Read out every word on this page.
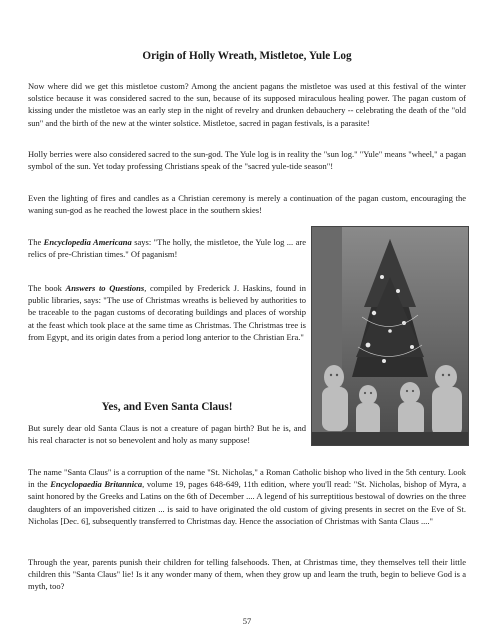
Origin of Holly Wreath, Mistletoe, Yule Log

Now where did we get this mistletoe custom? Among the ancient pagans the mistletoe was used at this festival of the winter solstice because it was considered sacred to the sun, because of its supposed miraculous healing power. The pagan custom of kissing under the mistletoe was an early step in the night of revelry and drunken debauchery -- celebrating the death of the "old sun" and the birth of the new at the winter solstice. Mistletoe, sacred in pagan festivals, is a parasite!

Holly berries were also considered sacred to the sun-god. The Yule log is in reality the "sun log." "Yule" means "wheel," a pagan symbol of the sun. Yet today professing Christians speak of the "sacred yule-tide season"!

Even the lighting of fires and candles as a Christian ceremony is merely a continuation of the pagan custom, encouraging the waning sun-god as he reached the lowest place in the southern skies!

The Encyclopedia Americana says: "The holly, the mistletoe, the Yule log ... are relics of pre-Christian times." Of paganism!

The book Answers to Questions, compiled by Frederick J. Haskins, found in public libraries, says: "The use of Christmas wreaths is believed by authorities to be traceable to the pagan customs of decorating buildings and places of worship at the feast which took place at the same time as Christmas. The Christmas tree is from Egypt, and its origin dates from a period long anterior to the Christian Era."

Yes, and Even Santa Claus!

But surely dear old Santa Claus is not a creature of pagan birth? But he is, and his real character is not so benevolent and holy as many suppose!

The name "Santa Claus" is a corruption of the name "St. Nicholas," a Roman Catholic bishop who lived in the 5th century. Look in the Encyclopaedia Britannica, volume 19, pages 648-649, 11th edition, where you'll read: "St. Nicholas, bishop of Myra, a saint honored by the Greeks and Latins on the 6th of December .... A legend of his surreptitious bestowal of dowries on the three daughters of an impoverished citizen ... is said to have originated the old custom of giving presents in secret on the Eve of St. Nicholas [Dec. 6], subsequently transferred to Christmas day. Hence the association of Christmas with Santa Claus ...."

Through the year, parents punish their children for telling falsehoods. Then, at Christmas time, they themselves tell their little children this "Santa Claus" lie! Is it any wonder many of them, when they grow up and learn the truth, begin to believe God is a myth, too?

57
